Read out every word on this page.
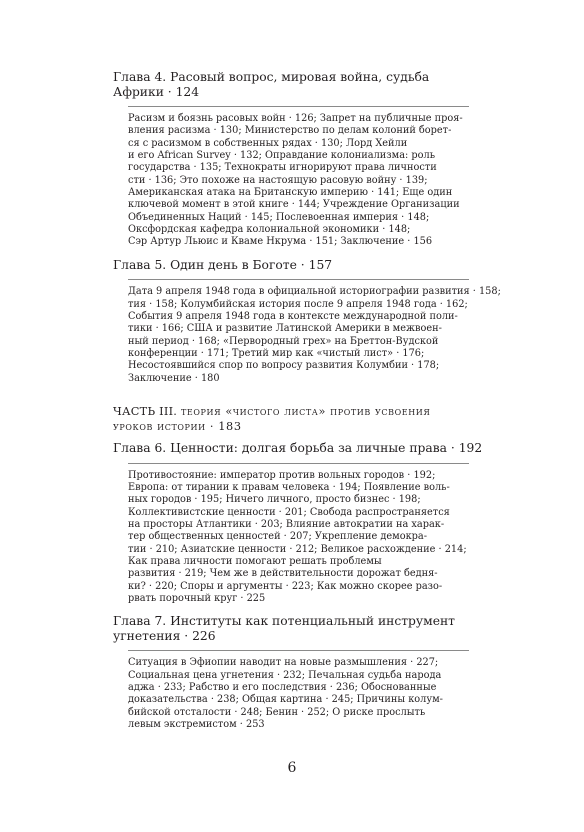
Глава 4. Расовый вопрос, мировая война, судьба
Африки · 124
Расизм и боязнь расовых войн · 126; Запрет на публичные проя-
вления расизма · 130; Министерство по делам колоний борет-
ся с расизмом в собственных рядах · 130; Лорд Хейли
и его African Survey · 132; Оправдание колониализма: роль
государства · 135; Технократы игнорируют права личности
сти · 136; Это похоже на настоящую расовую войну · 139;
Американская атака на Британскую империю · 141; Еще один
ключевой момент в этой книге · 144; Учреждение Организации
Объединенных Наций · 145; Послевоенная империя · 148;
Оксфордская кафедра колониальной экономики · 148;
Сэр Артур Льюис и Кваме Нкрума · 151; Заключение · 156
Глава 5. Один день в Боготе · 157
Дата 9 апреля 1948 года в официальной историографии развития · 158;
тия · 158; Колумбийская история после 9 апреля 1948 года · 162;
События 9 апреля 1948 года в контексте международной поли-
тики · 166; США и развитие Латинской Америки в межвоен-
ный период · 168; «Первородный грех» на Бреттон-Вудской
конференции · 171; Третий мир как «чистый лист» · 176;
Несостоявшийся спор по вопросу развития Колумбии · 178;
Заключение · 180
ЧАСТЬ III. теория «чистого листа» против усвоения
уроков истории · 183
Глава 6. Ценности: долгая борьба за личные права · 192
Противостояние: император против вольных городов · 192;
Европа: от тирании к правам человека · 194; Появление воль-
ных городов · 195; Ничего личного, просто бизнес · 198;
Коллективистские ценности · 201; Свобода распространяется
на просторы Атлантики · 203; Влияние автократии на харак-
тер общественных ценностей · 207; Укрепление демокра-
тии · 210; Азиатские ценности · 212; Великое расхождение · 214;
Как права личности помогают решать проблемы
развития · 219; Чем же в действительности дорожат бедня-
ки? · 220; Споры и аргументы · 223; Как можно скорее разо-
рвать порочный круг · 225
Глава 7. Институты как потенциальный инструмент
угнетения · 226
Ситуация в Эфиопии наводит на новые размышления · 227;
Социальная цена угнетения · 232; Печальная судьба народа
аджа · 233; Рабство и его последствия · 236; Обоснованные
доказательства · 238; Общая картина · 245; Причины колум-
бийской отсталости · 248; Бенин · 252; О риске прослыть
левым экстремистом · 253
6
